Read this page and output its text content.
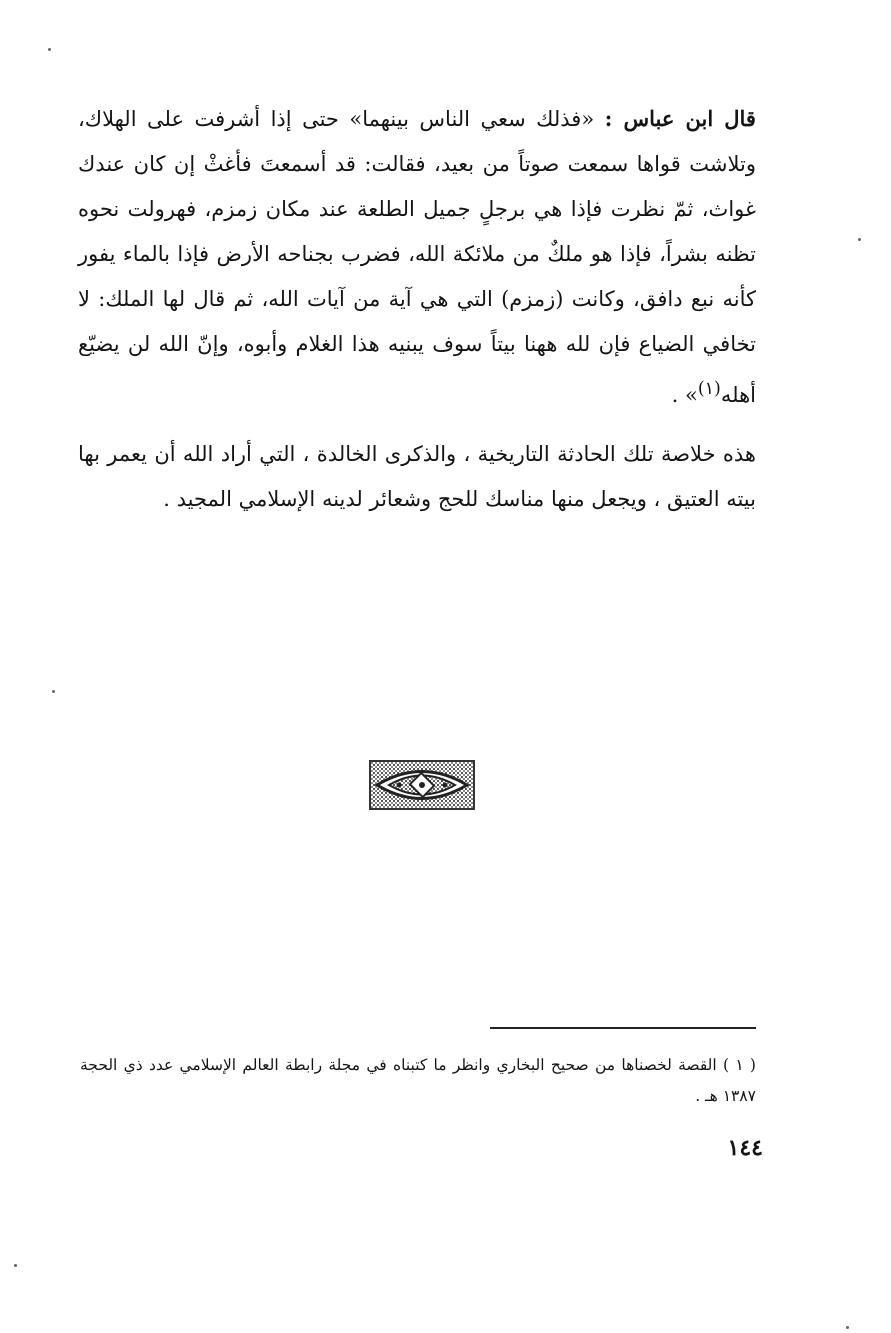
قال ابن عباس : «فذلك سعي الناس بينهما» حتى إذا أشرفت على الهلاك، وتلاشت قواها سمعت صوتاً من بعيد، فقالت: قد أسمعتَ فأغثْ إن كان عندك غواث، ثمّ نظرت فإذا هي برجلٍ جميل الطلعة عند مكان زمزم، فهرولت نحوه تظنه بشراً، فإذا هو ملكٌ من ملائكة الله، فضرب بجناحه الأرض فإذا بالماء يفور كأنه نبع دافق، وكانت (زمزم) التي هي آية من آيات الله، ثم قال لها الملك: لا تخافي الضياع فإن لله ههنا بيتاً سوف يبنيه هذا الغلام وأبوه، وإنّ الله لن يضيّع أهله$^{(١)}$» .

هذه خلاصة تلك الحادثة التاريخية ، والذكرى الخالدة ، التي أراد الله أن يعمر بها بيته العتيق ، ويجعل منها مناسك للحج وشعائر لدينه الإسلامي المجيد .

( ١ ) القصة لخصناها من صحيح البخاري وانظر ما كتبناه في مجلة رابطة العالم الإسلامي عدد ذي الحجة ١٣٨٧ هـ .

١٤٤
